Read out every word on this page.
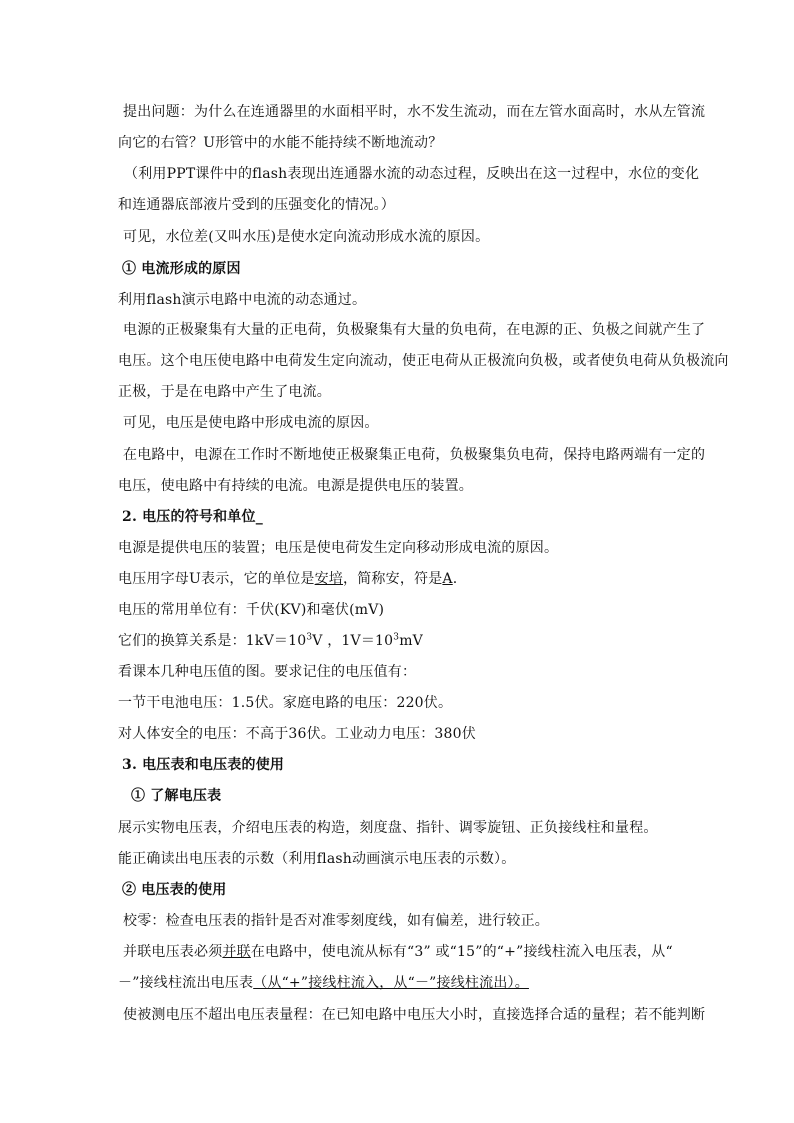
提出问题：为什么在连通器里的水面相平时，水不发生流动，而在左管水面高时，水从左管流
向它的右管？U形管中的水能不能持续不断地流动？
（利用PPT课件中的flash表现出连通器水流的动态过程，反映出在这一过程中，水位的变化
和连通器底部液片受到的压强变化的情况。）
可见，水位差(又叫水压)是使水定向流动形成水流的原因。
① 电流形成的原因
利用flash演示电路中电流的动态通过。
电源的正极聚集有大量的正电荷，负极聚集有大量的负电荷，在电源的正、负极之间就产生了
电压。这个电压使电路中电荷发生定向流动，使正电荷从正极流向负极，或者使负电荷从负极流向
正极，于是在电路中产生了电流。
可见，电压是使电路中形成电流的原因。
在电路中，电源在工作时不断地使正极聚集正电荷，负极聚集负电荷，保持电路两端有一定的
电压，使电路中有持续的电流。电源是提供电压的装置。
2. 电压的符号和单位_
电源是提供电压的装置；电压是使电荷发生定向移动形成电流的原因。
电压用字母U表示，它的单位是安培，简称安，符是A.
电压的常用单位有：千伏(KV)和毫伏(mV)
它们的换算关系是：$1kV=10^3V$ ，$1V=10^3mV$
看课本几种电压值的图。要求记住的电压值有：
一节干电池电压：1.5伏。家庭电路的电压：220伏。
对人体安全的电压：不高于36伏。工业动力电压：380伏
3. 电压表和电压表的使用
① 了解电压表
展示实物电压表，介绍电压表的构造，刻度盘、指针、调零旋钮、正负接线柱和量程。
能正确读出电压表的示数（利用flash动画演示电压表的示数）。
② 电压表的使用
校零：检查电压表的指针是否对准零刻度线，如有偏差，进行较正。
并联电压表必须并联在电路中，使电流从标有“3” 或“15”的“+”接线柱流入电压表，从“
－”接线柱流出电压表（从“+”接线柱流入，从“－”接线柱流出）。
使被测电压不超出电压表量程：在已知电路中电压大小时，直接选择合适的量程；若不能判断
